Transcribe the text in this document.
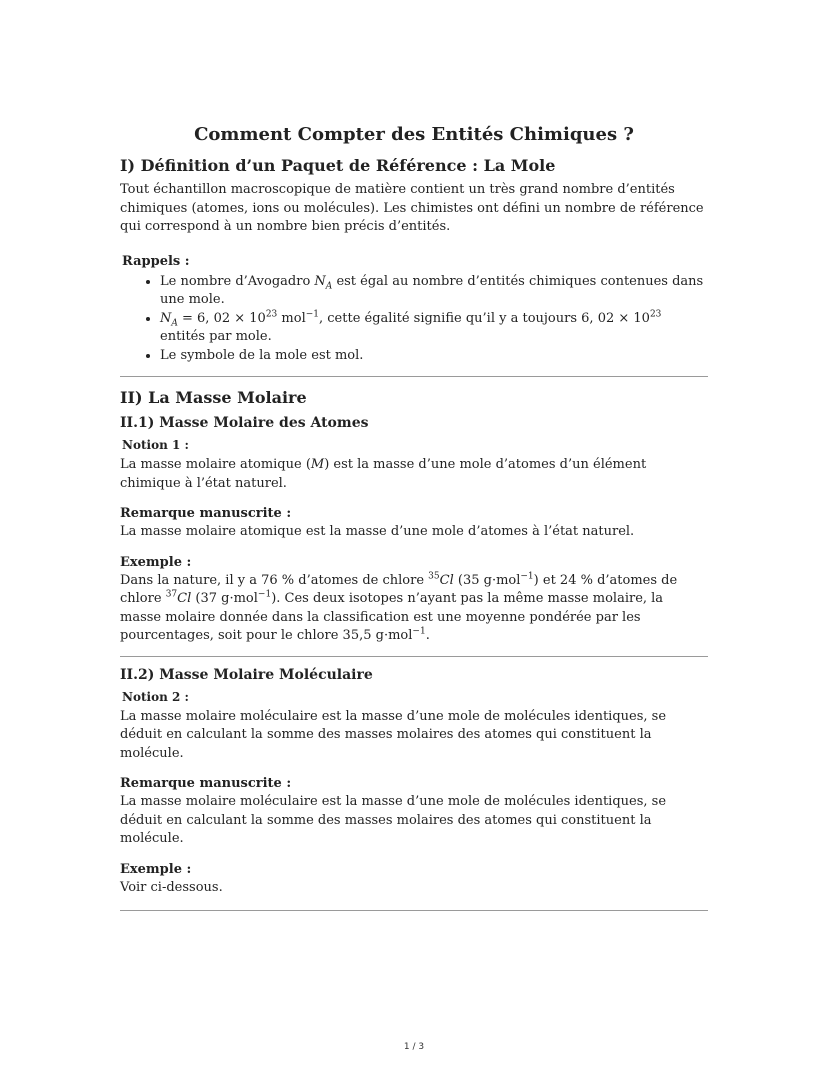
Comment Compter des Entités Chimiques ?
I) Définition d’un Paquet de Référence : La Mole

Tout échantillon macroscopique de matière contient un très grand nombre d’entités chimiques (atomes, ions ou molécules). Les chimistes ont défini un nombre de référence qui correspond à un nombre bien précis d’entités.

Rappels :

• Le nombre d’Avogadro $N_A$ est égal au nombre d’entités chimiques contenues dans une mole.
• $N_A = 6$, $02 \times 10^{23}$ mol$^{-1}$, cette égalité signifie qu’il y a toujours 6, $02 \times 10^{23}$ entités par mole.
• Le symbole de la mole est mol.
II) La Masse Molaire
II.1) Masse Molaire des Atomes

Notion 1 :

La masse molaire atomique (M) est la masse d’une mole d’atomes d’un élément chimique à l’état naturel.

Remarque manuscrite :

La masse molaire atomique est la masse d’une mole d’atomes à l’état naturel.

Exemple :

Dans la nature, il y a 76 % d’atomes de chlore $^{35}$Cl (35 g·mol$^{-1}$) et 24 % d’atomes de chlore $^{37}$Cl (37 g·mol$^{-1}$). Ces deux isotopes n’ayant pas la même masse molaire, la masse molaire donnée dans la classification est une moyenne pondérée par les pourcentages, soit pour le chlore 35,5 g·mol$^{-1}$.

II.2) Masse Molaire Moléculaire

Notion 2 :

La masse molaire moléculaire est la masse d’une mole de molécules identiques, se déduit en calculant la somme des masses molaires des atomes qui constituent la molécule.

Remarque manuscrite :

La masse molaire moléculaire est la masse d’une mole de molécules identiques, se déduit en calculant la somme des masses molaires des atomes qui constituent la molécule.

Exemple :

Voir ci-dessous.

1 / 3
